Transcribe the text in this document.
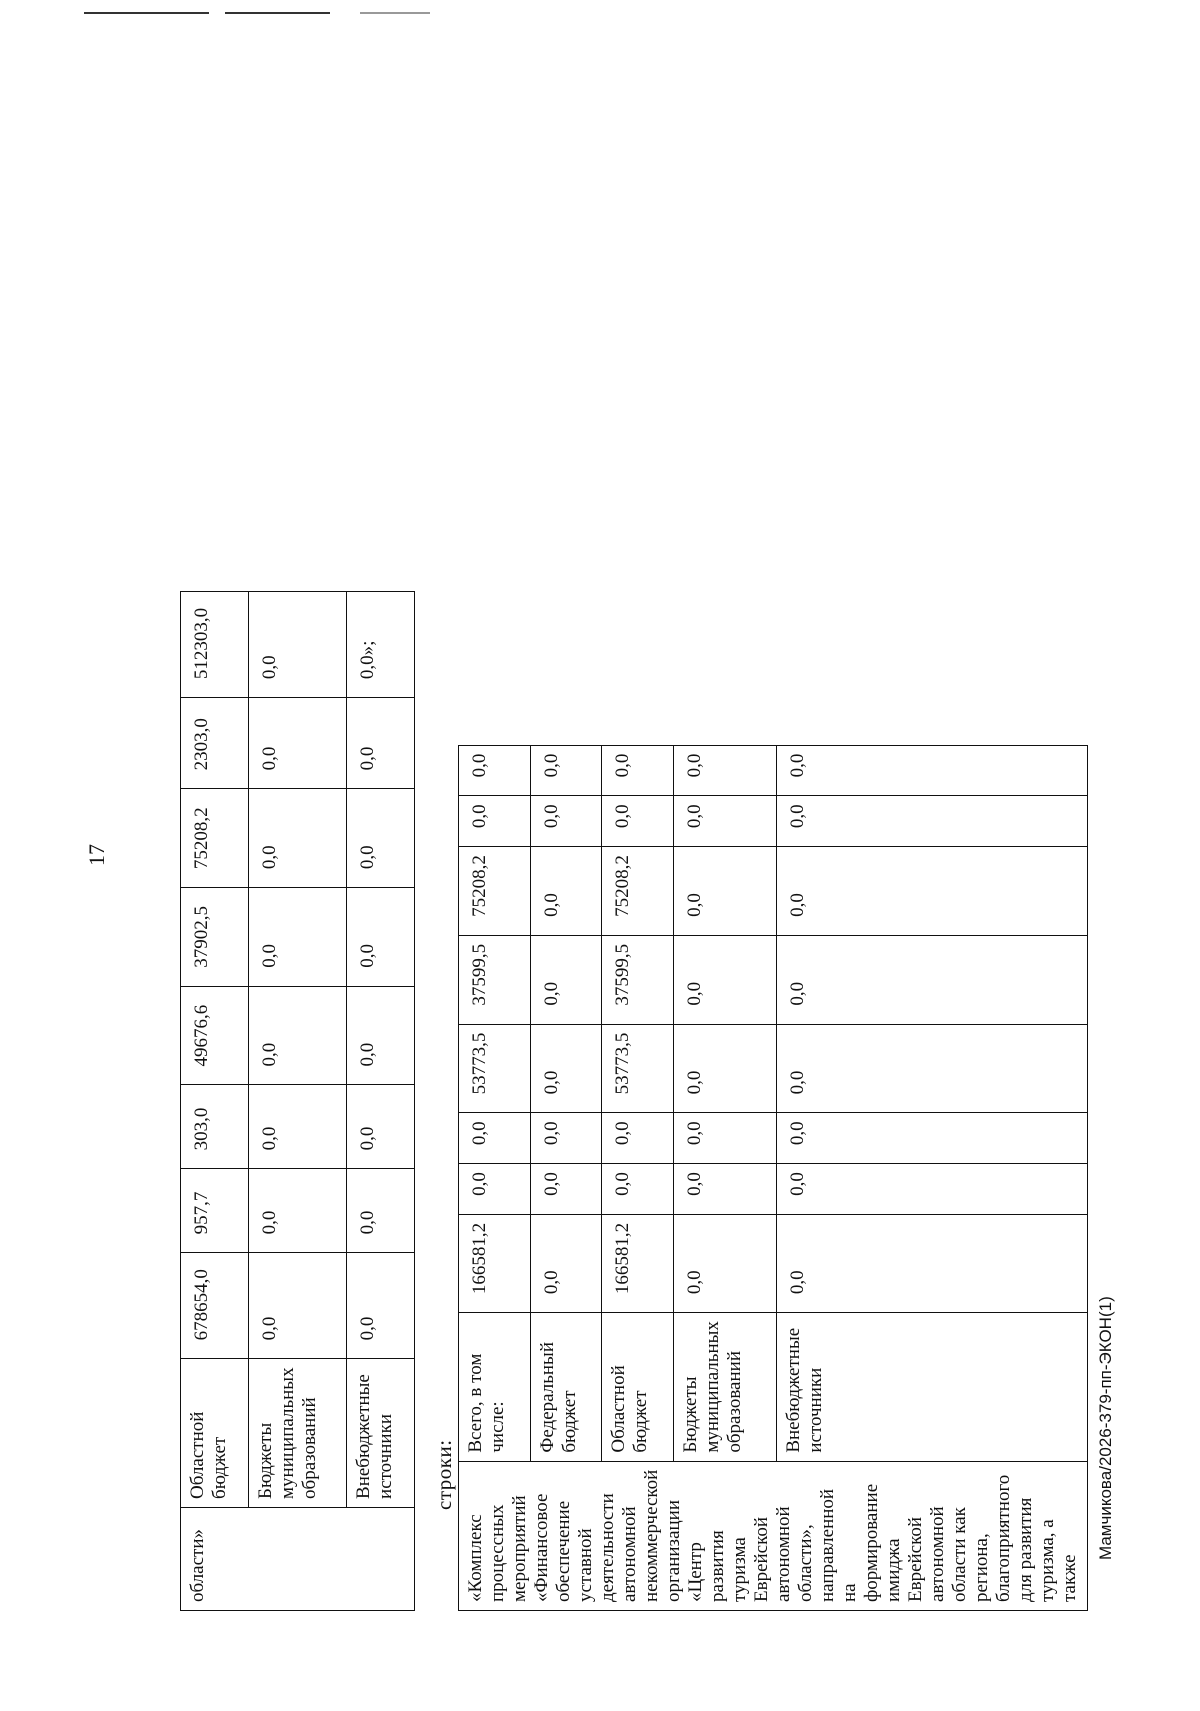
17
области»	Областной бюджет	678654,0	957,7	303,0	49676,6	37902,5	75208,2	2303,0	512303,0
	Бюджеты муниципальных образований	0,0	0,0	0,0	0,0	0,0	0,0	0,0	0,0
	Внебюджетные источники	0,0	0,0	0,0	0,0	0,0	0,0	0,0	0,0»;
строки:
«Комплекс процессных мероприятий «Финансовое обеспечение уставной деятельности автономной некоммерческой организации «Центр развития туризма Еврейской автономной области», направленной на формирование имиджа Еврейской автономной области как региона, благоприятного для развития туризма, а также	Всего, в том числе:	166581,2	0,0	0,0	53773,5	37599,5	75208,2	0,0	0,0
	Федеральный бюджет	0,0	0,0	0,0	0,0	0,0	0,0	0,0	0,0
	Областной бюджет	166581,2	0,0	0,0	53773,5	37599,5	75208,2	0,0	0,0
	Бюджеты муниципальных образований	0,0	0,0	0,0	0,0	0,0	0,0	0,0	0,0
	Внебюджетные источники	0,0	0,0	0,0	0,0	0,0	0,0	0,0	0,0
Мамчикова/2026-379-пп-ЭКОН(1)
